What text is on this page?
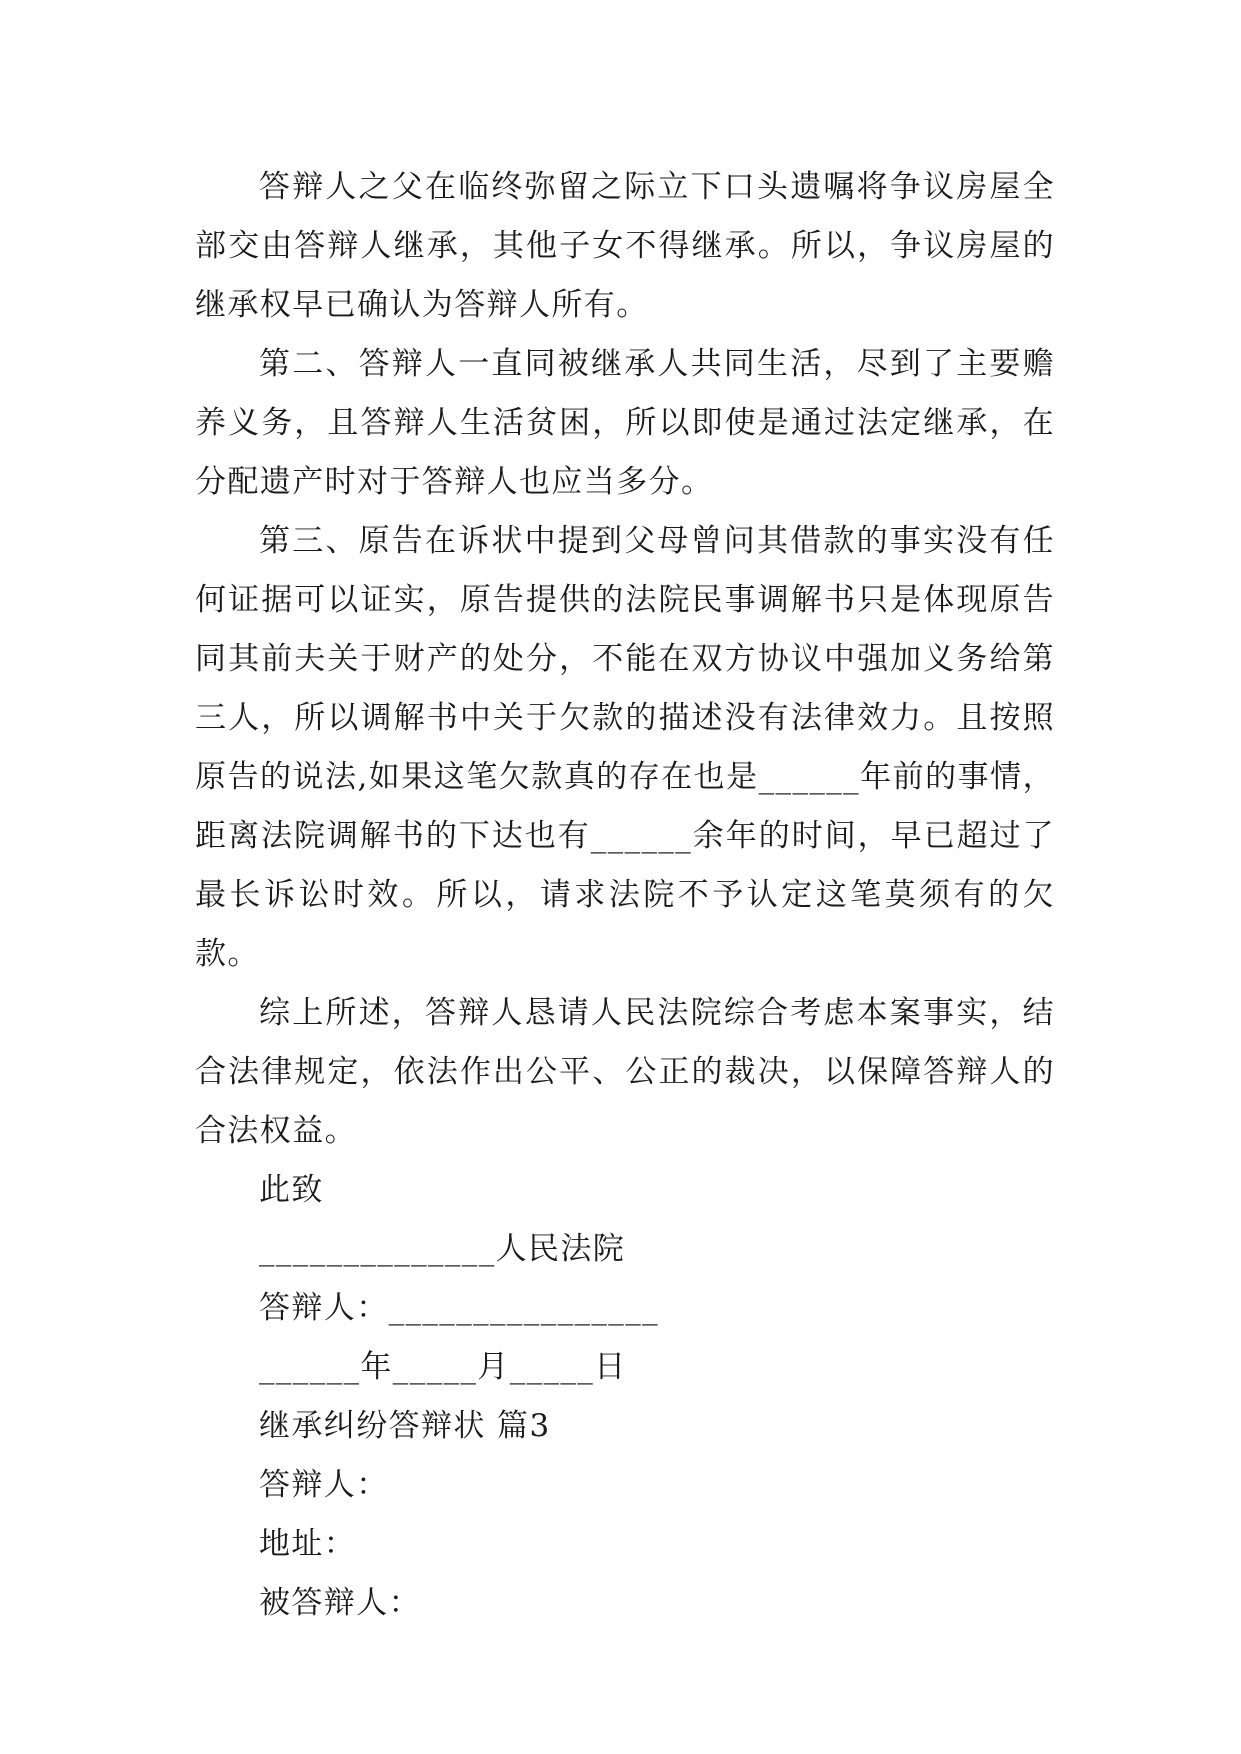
答辩人之父在临终弥留之际立下口头遗嘱将争议房屋全部交由答辩人继承，其他子女不得继承。所以，争议房屋的继承权早已确认为答辩人所有。

第二、答辩人一直同被继承人共同生活，尽到了主要赡养义务，且答辩人生活贫困，所以即使是通过法定继承，在分配遗产时对于答辩人也应当多分。

第三、原告在诉状中提到父母曾问其借款的事实没有任何证据可以证实，原告提供的法院民事调解书只是体现原告同其前夫关于财产的处分，不能在双方协议中强加义务给第三人，所以调解书中关于欠款的描述没有法律效力。且按照原告的说法,如果这笔欠款真的存在也是______年前的事情，距离法院调解书的下达也有______余年的时间，早已超过了最长诉讼时效。所以，请求法院不予认定这笔莫须有的欠款。

综上所述，答辩人恳请人民法院综合考虑本案事实，结合法律规定，依法作出公平、公正的裁决，以保障答辩人的合法权益。

此致

______________人民法院

答辩人：________________

______年_____月_____日

继承纠纷答辩状 篇3

答辩人：

地址：

被答辩人：
